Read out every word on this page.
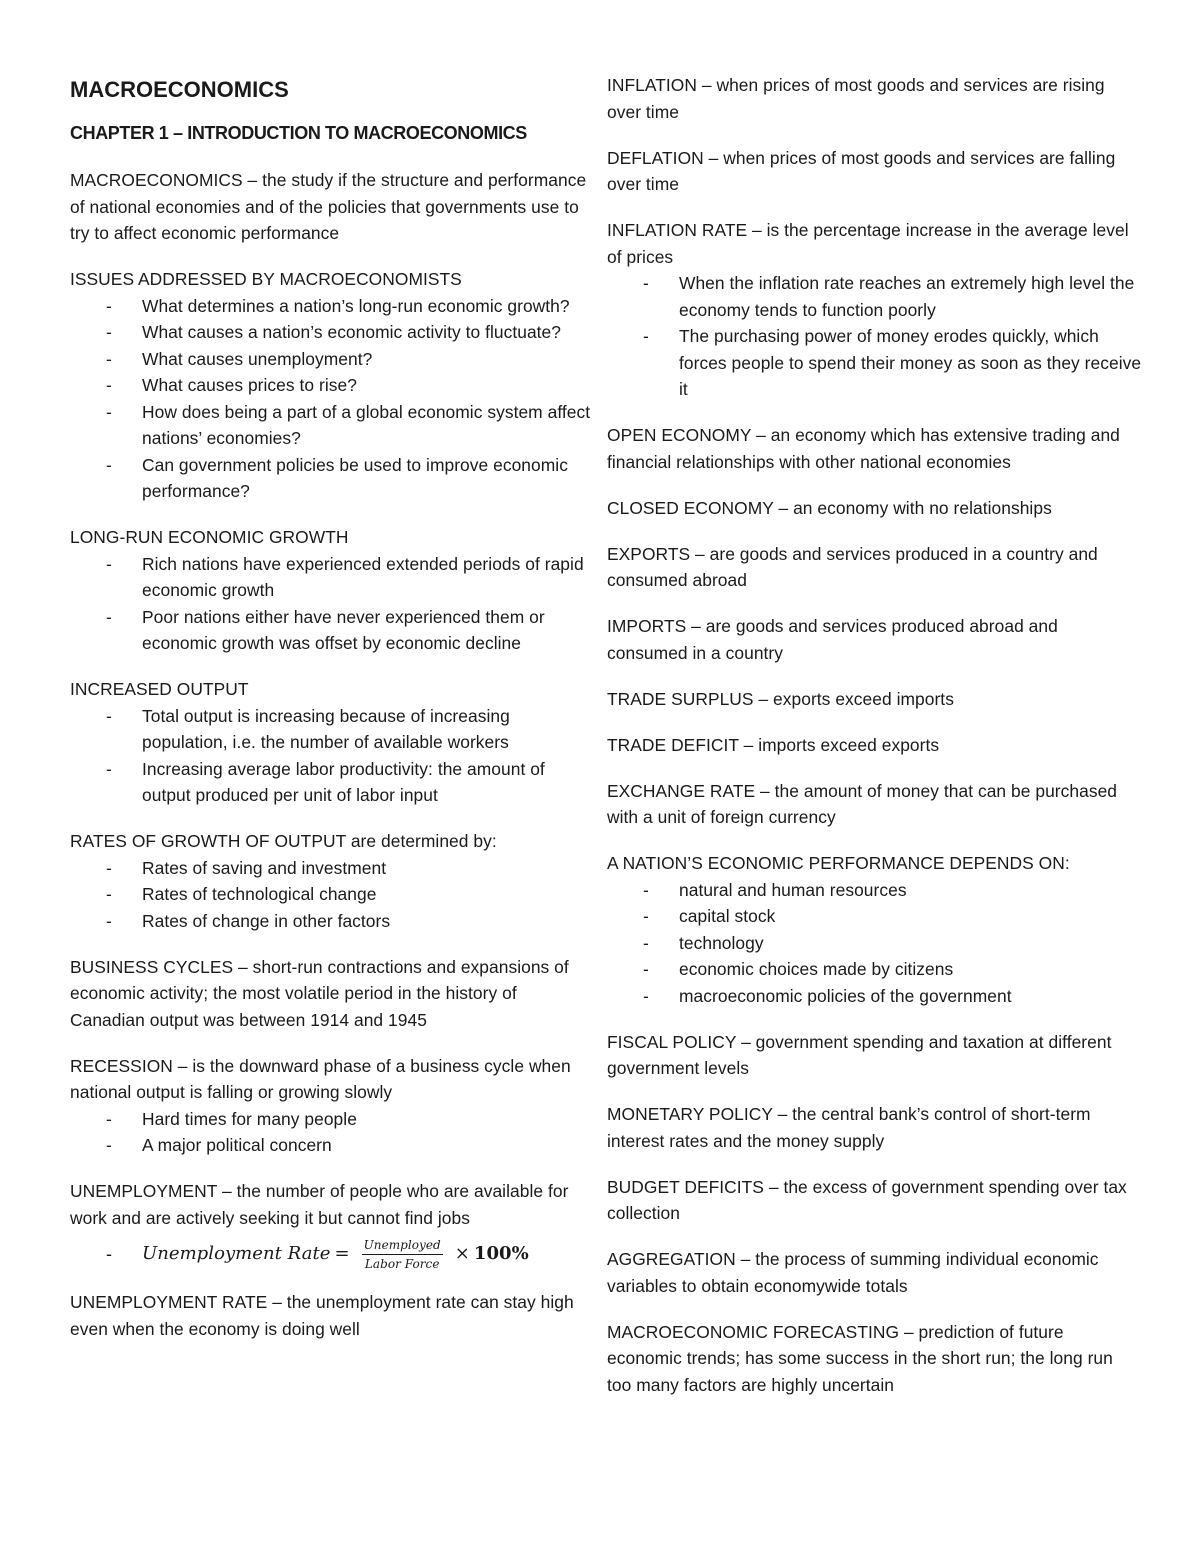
MACROECONOMICS
CHAPTER 1 – INTRODUCTION TO MACROECONOMICS
MACROECONOMICS – the study if the structure and performance of national economies and of the policies that governments use to try to affect economic performance
ISSUES ADDRESSED BY MACROECONOMISTS
- What determines a nation’s long-run economic growth?
- What causes a nation’s economic activity to fluctuate?
- What causes unemployment?
- What causes prices to rise?
- How does being a part of a global economic system affect nations’ economies?
- Can government policies be used to improve economic performance?
LONG-RUN ECONOMIC GROWTH
- Rich nations have experienced extended periods of rapid economic growth
- Poor nations either have never experienced them or economic growth was offset by economic decline
INCREASED OUTPUT
- Total output is increasing because of increasing population, i.e. the number of available workers
- Increasing average labor productivity: the amount of output produced per unit of labor input
RATES OF GROWTH OF OUTPUT are determined by:
- Rates of saving and investment
- Rates of technological change
- Rates of change in other factors
BUSINESS CYCLES – short-run contractions and expansions of economic activity; the most volatile period in the history of Canadian output was between 1914 and 1945
RECESSION – is the downward phase of a business cycle when national output is falling or growing slowly
- Hard times for many people
- A major political concern
UNEMPLOYMENT – the number of people who are available for work and are actively seeking it but cannot find jobs
- Unemployment Rate = $\frac{\text{Unemployed}}{\text{Labor Force}} \times 100\%$
UNEMPLOYMENT RATE – the unemployment rate can stay high even when the economy is doing well
INFLATION – when prices of most goods and services are rising over time
DEFLATION – when prices of most goods and services are falling over time
INFLATION RATE – is the percentage increase in the average level of prices
- When the inflation rate reaches an extremely high level the economy tends to function poorly
- The purchasing power of money erodes quickly, which forces people to spend their money as soon as they receive it
OPEN ECONOMY – an economy which has extensive trading and financial relationships with other national economies
CLOSED ECONOMY – an economy with no relationships
EXPORTS – are goods and services produced in a country and consumed abroad
IMPORTS – are goods and services produced abroad and consumed in a country
TRADE SURPLUS – exports exceed imports
TRADE DEFICIT – imports exceed exports
EXCHANGE RATE – the amount of money that can be purchased with a unit of foreign currency
A NATION’S ECONOMIC PERFORMANCE DEPENDS ON:
- natural and human resources
- capital stock
- technology
- economic choices made by citizens
- macroeconomic policies of the government
FISCAL POLICY – government spending and taxation at different government levels
MONETARY POLICY – the central bank’s control of short-term interest rates and the money supply
BUDGET DEFICITS – the excess of government spending over tax collection
AGGREGATION – the process of summing individual economic variables to obtain economywide totals
MACROECONOMIC FORECASTING – prediction of future economic trends; has some success in the short run; the long run too many factors are highly uncertain
